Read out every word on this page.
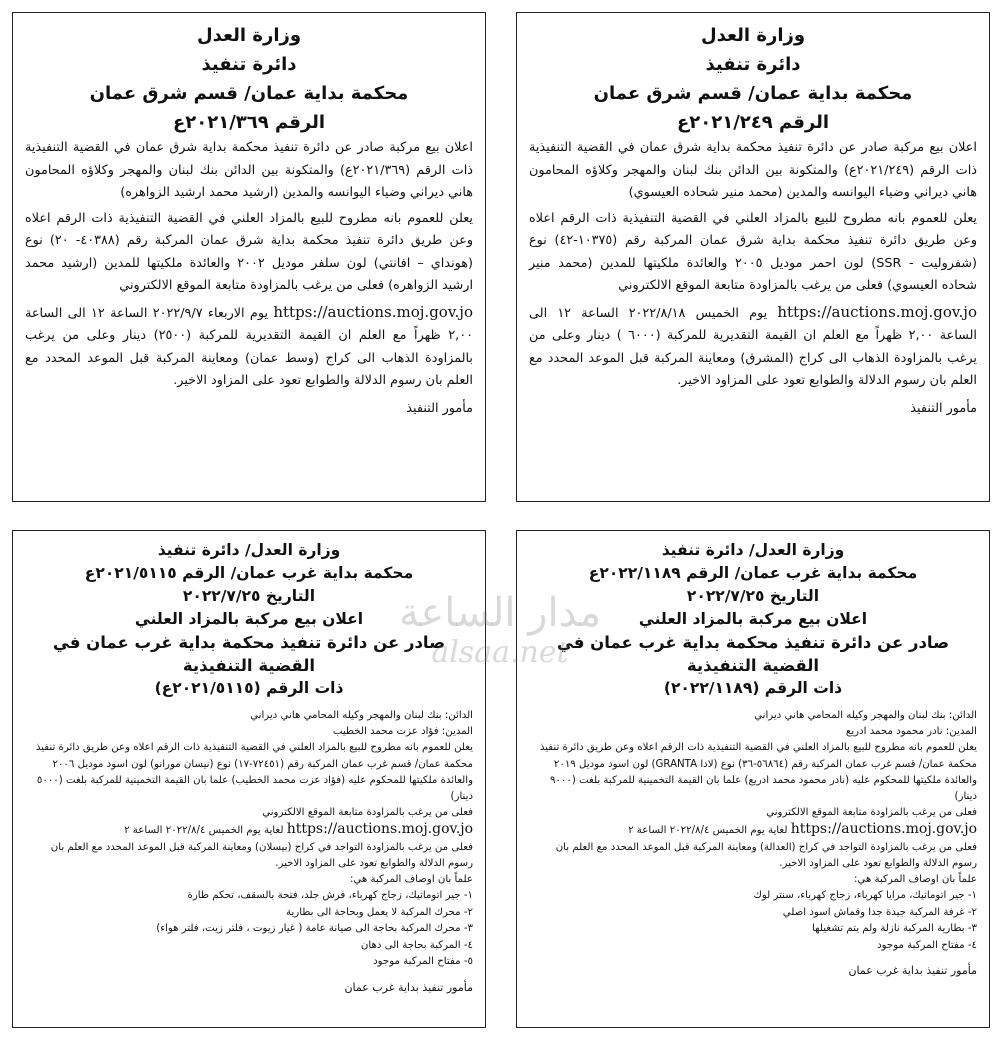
وزارة العدل
دائرة تنفيذ
محكمة بداية عمان/ قسم شرق عمان
الرقم ٢٠٢١/٣٦٩ع

اعلان بيع مركبة صادر عن دائرة تنفيذ محكمة بداية شرق عمان في القضية التنفيذية ذات الرقم (٢٠٢١/٣٦٩ع) والمتكونة بين الدائن بنك لبنان والمهجر وكلاؤه المحامون هاني ديراني وضياء اليوانسه والمدين (ارشيد محمد ارشيد الزواهره)

يعلن للعموم بانه مطروح للبيع بالمزاد العلني في القضية التنفيذية ذات الرقم اعلاه وعن طريق دائرة تنفيذ محكمة بداية شرق عمان المركبة رقم (٤٠٣٨٨- ٢٠) نوع (هونداي – افانتي) لون سلفر موديل ٢٠٠٢ والعائدة ملكيتها للمدين (ارشيد محمد ارشيد الزواهره) فعلى من يرغب بالمزاودة متابعة الموقع الالكتروني

https://auctions.moj.gov.jo يوم الاربعاء ٢٠٢٢/٩/٧ الساعة ١٢ الى الساعة ٢,٠٠ ظهراً مع العلم ان القيمة التقديرية للمركبة (٢٥٠٠) دينار وعلى من يرغب بالمزاودة الذهاب الى كراج (وسط عمان) ومعاينة المركبة قبل الموعد المحدد مع العلم بان رسوم الدلالة والطوابع تعود على المزاود الاخير.

مأمور التنفيذ
وزارة العدل
دائرة تنفيذ
محكمة بداية عمان/ قسم شرق عمان
الرقم ٢٠٢١/٢٤٩ع

اعلان بيع مركبة صادر عن دائرة تنفيذ محكمة بداية شرق عمان في القضية التنفيذية ذات الرقم (٢٠٢١/٢٤٩ع) والمتكونة بين الدائن بنك لبنان والمهجر وكلاؤه المحامون هاني ديراني وضياء اليوانسه والمدين (محمد منير شحاده العيسوي)

يعلن للعموم بانه مطروح للبيع بالمزاد العلني في القضية التنفيذية ذات الرقم اعلاه وعن طريق دائرة تنفيذ محكمة بداية شرق عمان المركبة رقم (١٠٣٧٥-٤٢) نوع (شفروليت - SSR) لون احمر موديل ٢٠٠٥ والعائدة ملكيتها للمدين (محمد منير شحاده العيسوي) فعلى من يرغب بالمزاودة متابعة الموقع الالكتروني

https://auctions.moj.gov.jo يوم الخميس ٢٠٢٢/٨/١٨ الساعة ١٢ الى الساعة ٢,٠٠ ظهراً مع العلم ان القيمة التقديرية للمركبة (٦٠٠٠ ) دينار وعلى من يرغب بالمزاودة الذهاب الى كراج (المشرق) ومعاينة المركبة قبل الموعد المحدد مع العلم بان رسوم الدلالة والطوابع تعود على المزاود الاخير.

مأمور التنفيذ
وزارة العدل/ دائرة تنفيذ
محكمة بداية غرب عمان/ الرقم ٢٠٢١/٥١١٥ع
التاريخ ٢٠٢٢/٧/٢٥
اعلان بيع مركبة بالمزاد العلني
صادر عن دائرة تنفيذ محكمة بداية غرب عمان في القضية التنفيذية
ذات الرقم (٢٠٢١/٥١١٥ع)

الدائن: بنك لبنان والمهجر وكيله المحامي هاني ديراني

المدين: فؤاد عزت محمد الخطيب

يعلن للعموم بانه مطروح للبيع بالمزاد العلني في القضية التنفيذية ذات الرقم اعلاه وعن طريق دائرة تنفيذ محكمة عمان/ قسم غرب عمان المركبة رقم (٧٢٤٥١-١٧) نوع (نيسان مورانو) لون اسود موديل ٢٠٠٦ والعائدة ملكيتها للمحكوم عليه (فؤاد عزت محمد الخطيب) علما بان القيمة التخمينية للمركبة بلغت (٥٠٠٠ دينار)

فعلى من يرغب بالمزاودة متابعة الموقع الالكتروني

https://auctions.moj.gov.jo لغاية يوم الخميس ٢٠٢٢/٨/٤ الساعة ٢

فعلى من يرغب بالمزاودة التواجد في كراج (بيسلان) ومعاينة المركبة قبل الموعد المحدد مع العلم بان رسوم الدلالة والطوابع تعود على المزاود الاخير.

علماً بان اوصاف المركبة هي:

١- جير اتوماتيك، زجاج كهرباء، فرش جلد، فتحة بالسقف، تحكم طارة
٢- محرك المركبة لا يعمل وبحاجة الى بطارية
٣- محرك المركبة بحاجة الى صيانة عامة ( غيار زيوت ، فلتر زيت، فلتر هواء)
٤- المركبة بحاجة الى دهان
٥- مفتاح المركبة موجود
مأمور تنفيذ بداية غرب عمان
وزارة العدل/ دائرة تنفيذ
محكمة بداية غرب عمان/ الرقم ٢٠٢٢/١١٨٩ع
التاريخ ٢٠٢٢/٧/٢٥
اعلان بيع مركبة بالمزاد العلني
صادر عن دائرة تنفيذ محكمة بداية غرب عمان في القضية التنفيذية
ذات الرقم (٢٠٢٢/١١٨٩)

الدائن: بنك لبنان والمهجر وكيله المحامي هاني ديراني

المدين: نادر محمود محمد ادريع

يعلن للعموم بانه مطروح للبيع بالمزاد العلني في القضية التنفيذية ذات الرقم اعلاه وعن طريق دائرة تنفيذ محكمة عمان/ قسم غرب عمان المركبة رقم (٥٦٨٦٤-٣٦) نوع (لادا GRANTA) لون اسود موديل ٢٠١٩ والعائدة ملكيتها للمحكوم عليه (نادر محمود محمد ادريع) علما بان القيمة التخمينية للمركبة بلغت (٩٠٠٠ دينار)

فعلى من يرغب بالمزاودة متابعة الموقع الالكتروني

https://auctions.moj.gov.jo لغاية يوم الخميس ٢٠٢٢/٨/٤ الساعة ٢

فعلى من يرغب بالمزاودة التواجد في كراج (العدالة) ومعاينة المركبة قبل الموعد المحدد مع العلم بان رسوم الدلالة والطوابع تعود على المزاود الاخير.

علماً بان اوصاف المركبة هي:

١- جير اتوماتيك، مرايا كهرباء، زجاج كهرباء، سنتر لوك
٢- غرفة المركبة جيدة جدا وقماش اسود اصلي
٣- بطارية المركبة نازلة ولم يتم تشغيلها
٤- مفتاح المركبة موجود
مأمور تنفيذ بداية غرب عمان
مدار الساعة
alsaa.net
